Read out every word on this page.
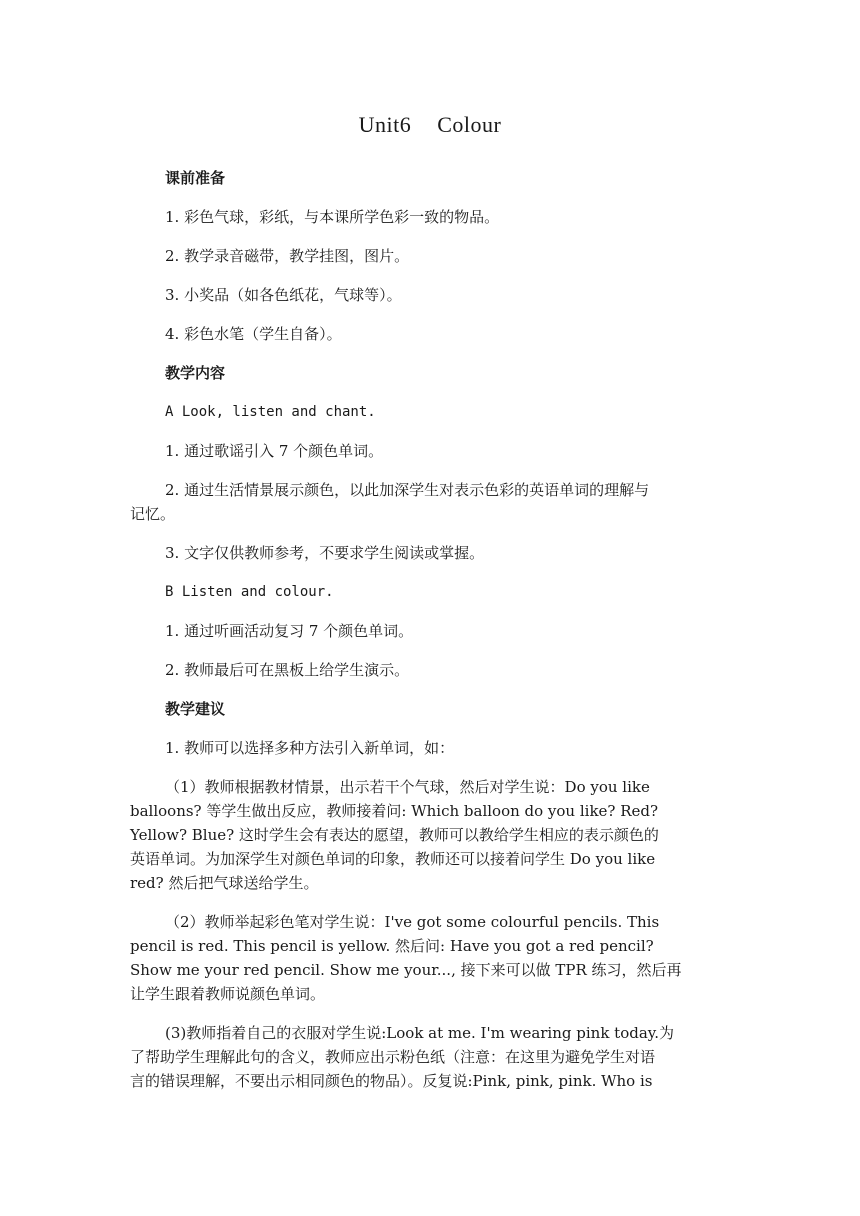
Unit6 Colour
课前准备
1. 彩色气球，彩纸，与本课所学色彩一致的物品。
2. 教学录音磁带，教学挂图，图片。
3. 小奖品（如各色纸花，气球等）。
4. 彩色水笔（学生自备）。
教学内容
A Look, listen and chant.
1. 通过歌谣引入 7 个颜色单词。
2. 通过生活情景展示颜色，以此加深学生对表示色彩的英语单词的理解与
记忆。
3. 文字仅供教师参考，不要求学生阅读或掌握。
B Listen and colour.
1. 通过听画活动复习 7 个颜色单词。
2. 教师最后可在黑板上给学生演示。
教学建议
1. 教师可以选择多种方法引入新单词，如：
（1）教师根据教材情景，出示若干个气球，然后对学生说：Do you like
balloons? 等学生做出反应，教师接着问: Which balloon do you like? Red?
Yellow? Blue? 这时学生会有表达的愿望，教师可以教给学生相应的表示颜色的
英语单词。为加深学生对颜色单词的印象，教师还可以接着问学生 Do you like
red? 然后把气球送给学生。
（2）教师举起彩色笔对学生说：I've got some colourful pencils. This
pencil is red. This pencil is yellow. 然后问: Have you got a red pencil?
Show me your red pencil. Show me your..., 接下来可以做 TPR 练习，然后再
让学生跟着教师说颜色单词。
(3)教师指着自己的衣服对学生说:Look at me. I'm wearing pink today.为
了帮助学生理解此句的含义，教师应出示粉色纸（注意：在这里为避免学生对语
言的错误理解，不要出示相同颜色的物品）。反复说:Pink, pink, pink. Who is
